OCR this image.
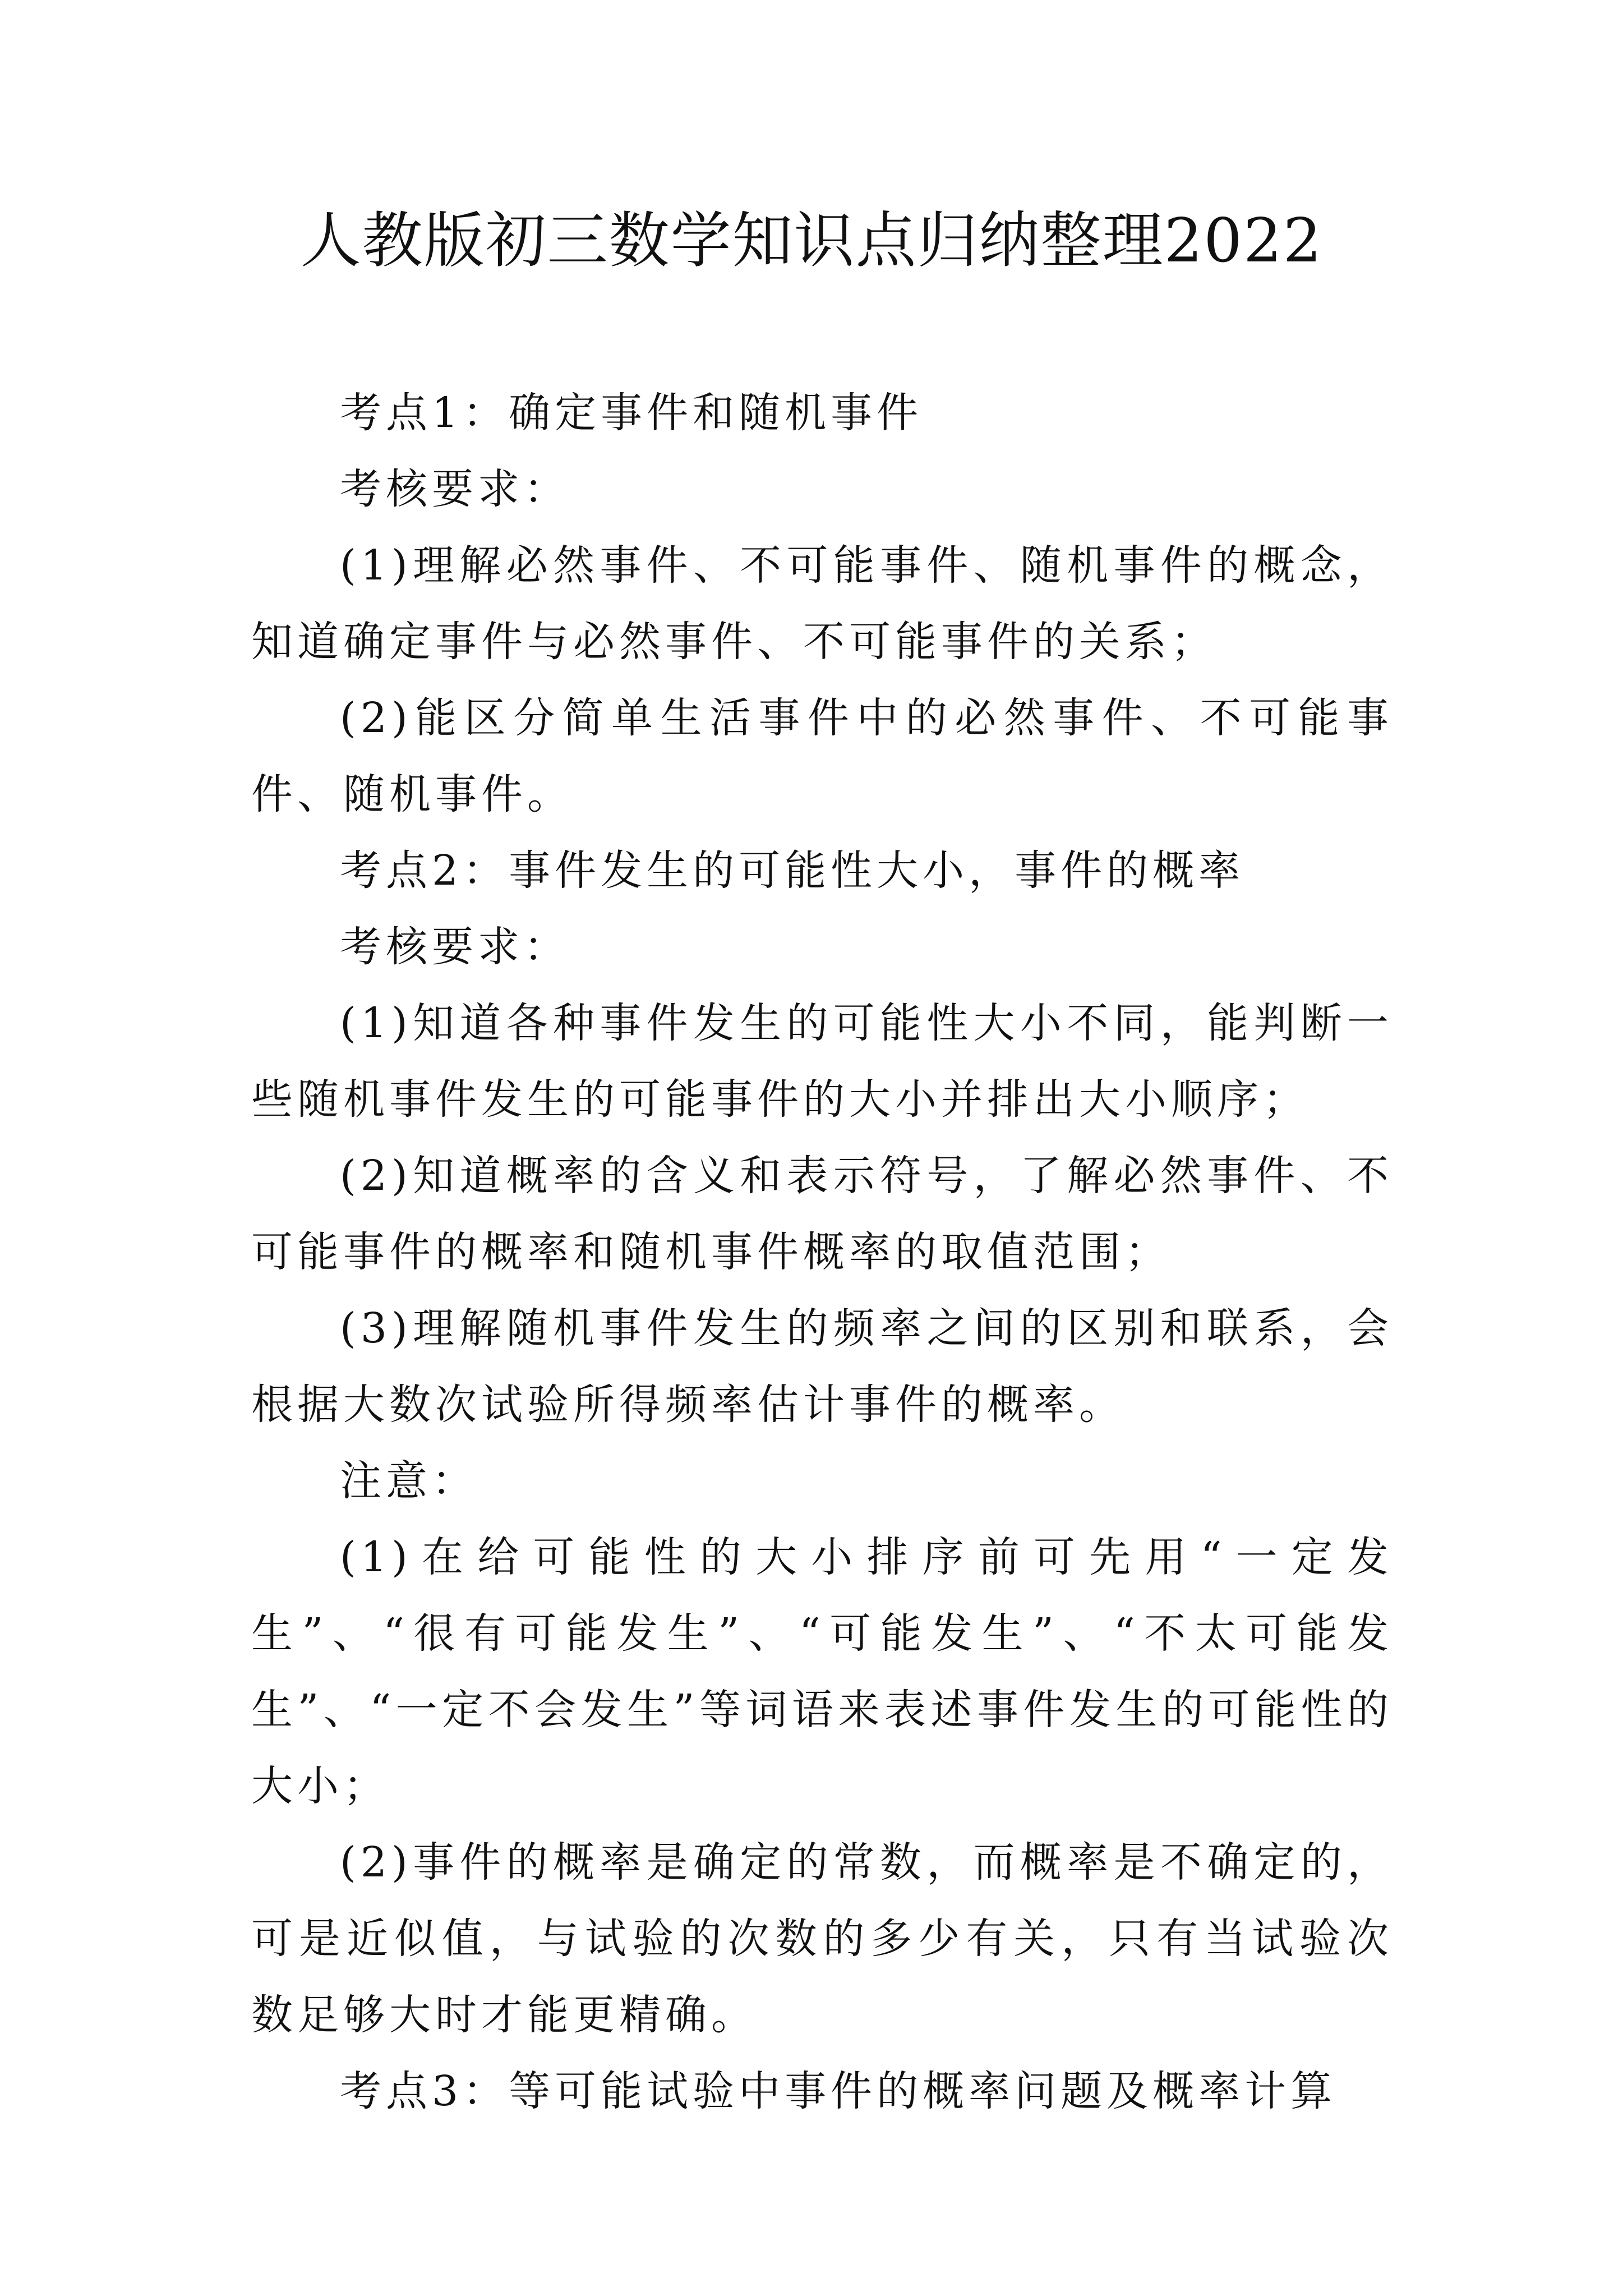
人教版初三数学知识点归纳整理2022

考点1：确定事件和随机事件

考核要求：

(1)理解必然事件、不可能事件、随机事件的概念，知道确定事件与必然事件、不可能事件的关系；

(2)能区分简单生活事件中的必然事件、不可能事件、随机事件。

考点2：事件发生的可能性大小，事件的概率

考核要求：

(1)知道各种事件发生的可能性大小不同，能判断一些随机事件发生的可能事件的大小并排出大小顺序；

(2)知道概率的含义和表示符号，了解必然事件、不可能事件的概率和随机事件概率的取值范围；

(3)理解随机事件发生的频率之间的区别和联系，会根据大数次试验所得频率估计事件的概率。

注意：

(1)在给可能性的大小排序前可先用“一定发生”、“很有可能发生”、“可能发生”、“不太可能发生”、“一定不会发生”等词语来表述事件发生的可能性的大小；

(2)事件的概率是确定的常数，而概率是不确定的，可是近似值，与试验的次数的多少有关，只有当试验次数足够大时才能更精确。

考点3：等可能试验中事件的概率问题及概率计算
